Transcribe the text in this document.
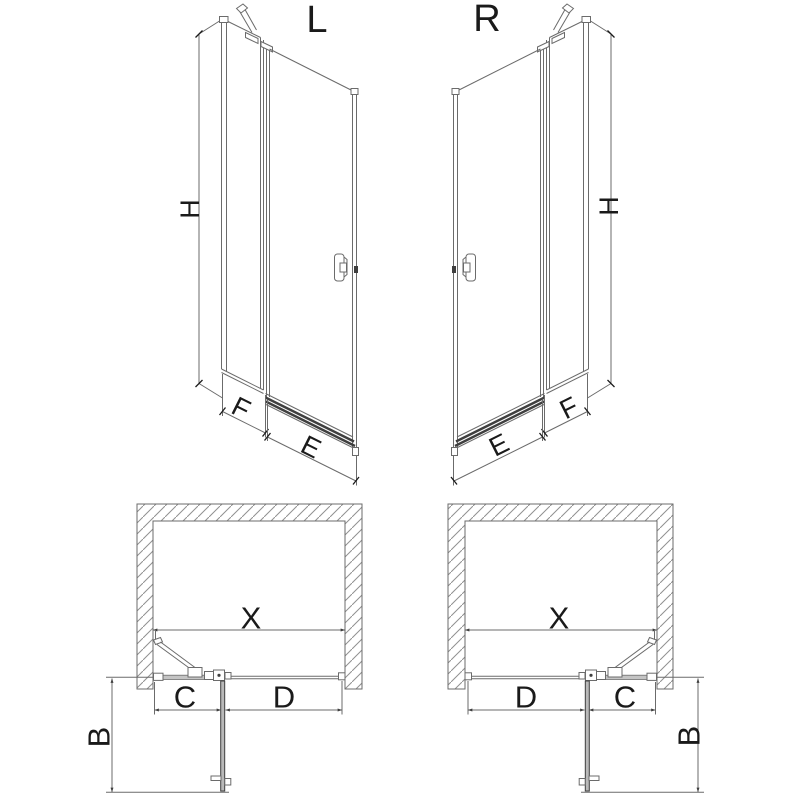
L	R
H	H
F	F
E	E
X	X
C D	D C
B	B
